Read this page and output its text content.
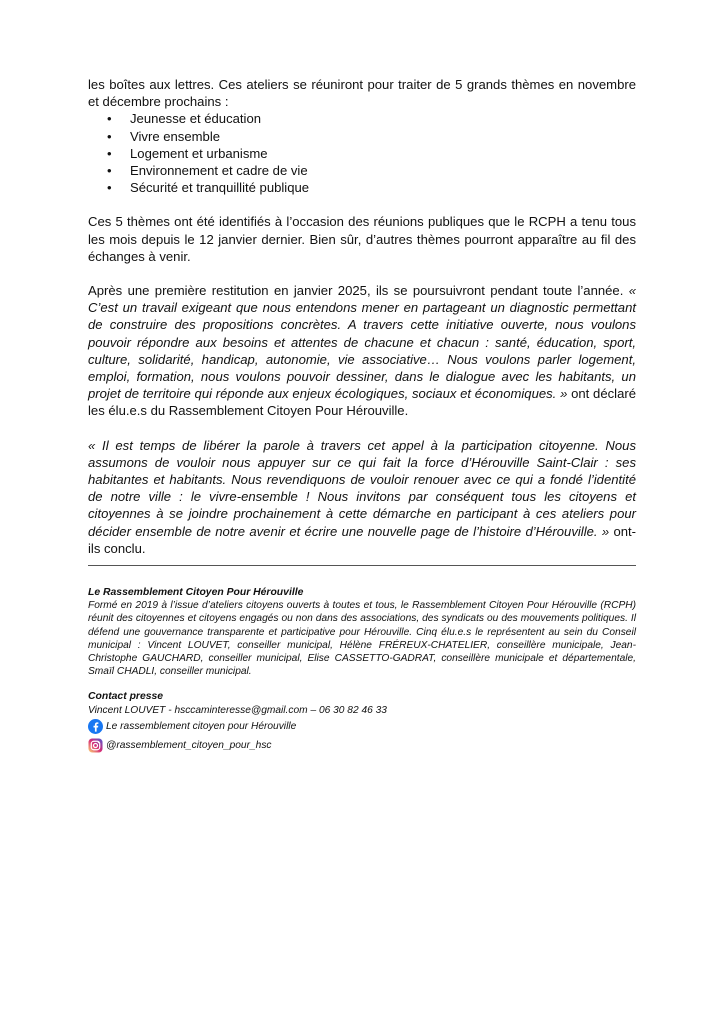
les boîtes aux lettres. Ces ateliers se réuniront pour traiter de 5 grands thèmes en novembre et décembre prochains :

• Jeunesse et éducation
• Vivre ensemble
• Logement et urbanisme
• Environnement et cadre de vie
• Sécurité et tranquillité publique

Ces 5 thèmes ont été identifiés à l’occasion des réunions publiques que le RCPH a tenu tous les mois depuis le 12 janvier dernier. Bien sûr, d’autres thèmes pourront apparaître au fil des échanges à venir.

Après une première restitution en janvier 2025, ils se poursuivront pendant toute l’année. « C’est un travail exigeant que nous entendons mener en partageant un diagnostic permettant de construire des propositions concrètes. A travers cette initiative ouverte, nous voulons pouvoir répondre aux besoins et attentes de chacune et chacun : santé, éducation, sport, culture, solidarité, handicap, autonomie, vie associative… Nous voulons parler logement, emploi, formation, nous voulons pouvoir dessiner, dans le dialogue avec les habitants, un projet de territoire qui réponde aux enjeux écologiques, sociaux et économiques. » ont déclaré les élu.e.s du Rassemblement Citoyen Pour Hérouville.

« Il est temps de libérer la parole à travers cet appel à la participation citoyenne. Nous assumons de vouloir nous appuyer sur ce qui fait la force d’Hérouville Saint-Clair : ses habitantes et habitants. Nous revendiquons de vouloir renouer avec ce qui a fondé l’identité de notre ville : le vivre-ensemble ! Nous invitons par conséquent tous les citoyens et citoyennes à se joindre prochainement à cette démarche en participant à ces ateliers pour décider ensemble de notre avenir et écrire une nouvelle page de l’histoire d’Hérouville. » ont-ils conclu.

Le Rassemblement Citoyen Pour Hérouville

Formé en 2019 à l’issue d’ateliers citoyens ouverts à toutes et tous, le Rassemblement Citoyen Pour Hérouville (RCPH) réunit des citoyennes et citoyens engagés ou non dans des associations, des syndicats ou des mouvements politiques. Il défend une gouvernance transparente et participative pour Hérouville. Cinq élu.e.s le représentent au sein du Conseil municipal : Vincent LOUVET, conseiller municipal, Hélène FRÉREUX-CHATELIER, conseillère municipale, Jean-Christophe GAUCHARD, conseiller municipal, Elise CASSETTO-GADRAT, conseillère municipale et départementale, Smaïl CHADLI, conseiller municipal.

Contact presse

Vincent LOUVET - hsccaminteresse@gmail.com – 06 30 82 46 33

Le rassemblement citoyen pour Hérouville
@rassemblement_citoyen_pour_hsc
